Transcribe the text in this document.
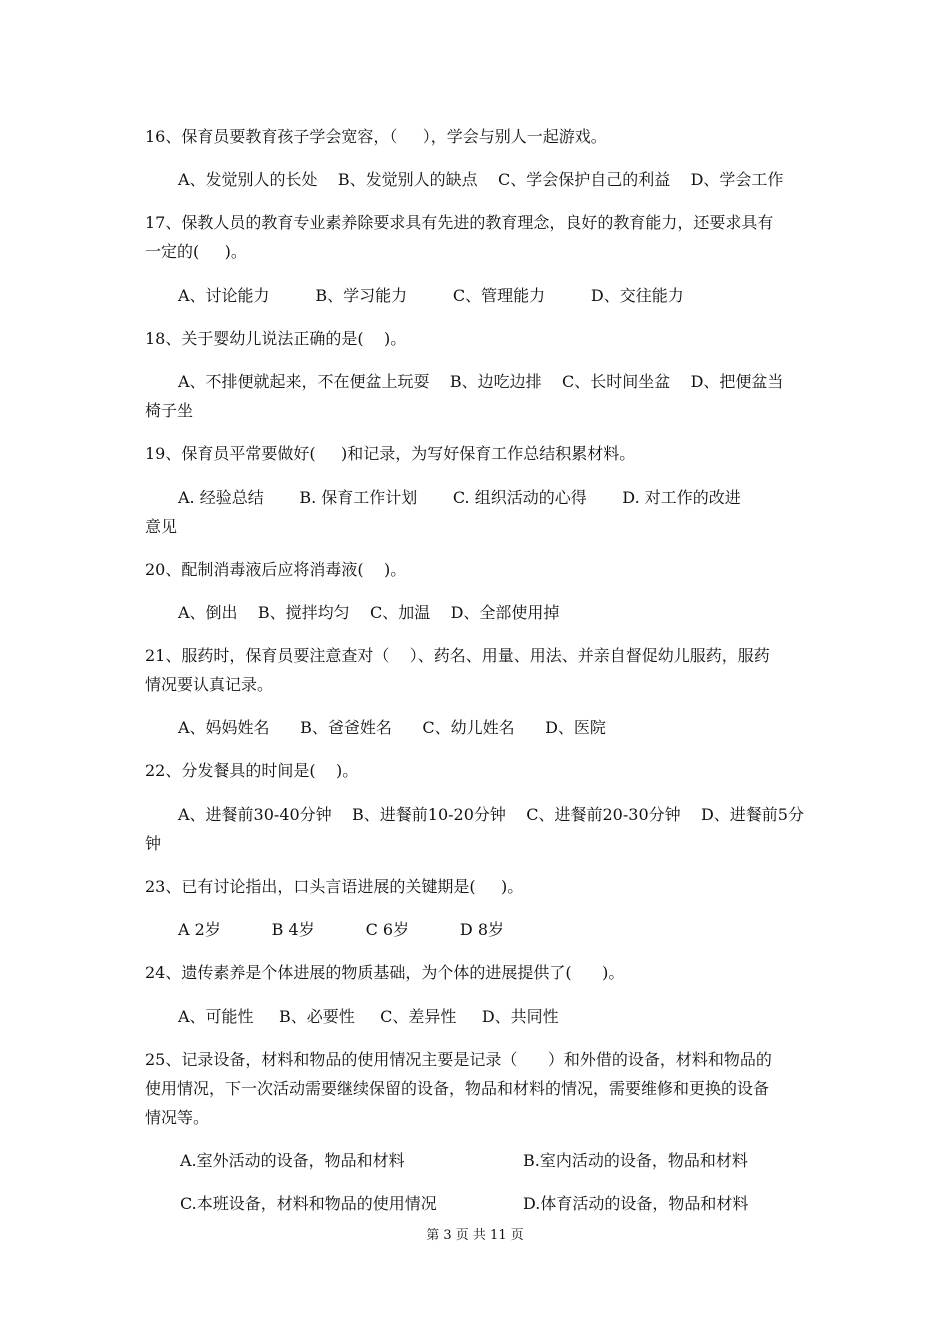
16、保育员要教育孩子学会宽容，（     ），学会与别人一起游戏。
A、发觉别人的长处    B、发觉别人的缺点    C、学会保护自己的利益    D、学会工作
17、保教人员的教育专业素养除要求具有先进的教育理念，良好的教育能力，还要求具有
一定的(     )。
A、讨论能力         B、学习能力         C、管理能力         D、交往能力
18、关于婴幼儿说法正确的是(    )。
A、不排便就起来，不在便盆上玩耍    B、边吃边排    C、长时间坐盆    D、把便盆当
椅子坐
19、保育员平常要做好(     )和记录，为写好保育工作总结积累材料。
A. 经验总结       B. 保育工作计划       C. 组织活动的心得       D. 对工作的改进
意见
20、配制消毒液后应将消毒液(    )。
A、倒出    B、搅拌均匀    C、加温    D、全部使用掉
21、服药时，保育员要注意查对（    ）、药名、用量、用法、并亲自督促幼儿服药，服药
情况要认真记录。
A、妈妈姓名      B、爸爸姓名      C、幼儿姓名      D、医院
22、分发餐具的时间是(    )。
A、进餐前30-40分钟    B、进餐前10-20分钟    C、进餐前20-30分钟    D、进餐前5分
钟
23、已有讨论指出，口头言语进展的关键期是(     )。
A 2岁          B 4岁          C 6岁          D 8岁
24、遗传素养是个体进展的物质基础，为个体的进展提供了(      )。
A、可能性     B、必要性     C、差异性     D、共同性
25、记录设备，材料和物品的使用情况主要是记录（      ）和外借的设备，材料和物品的
使用情况，下一次活动需要继续保留的设备，物品和材料的情况，需要维修和更换的设备
情况等。
A.室外活动的设备，物品和材料	B.室内活动的设备，物品和材料
C.本班设备，材料和物品的使用情况	D.体育活动的设备，物品和材料
第 3 页 共 11 页
